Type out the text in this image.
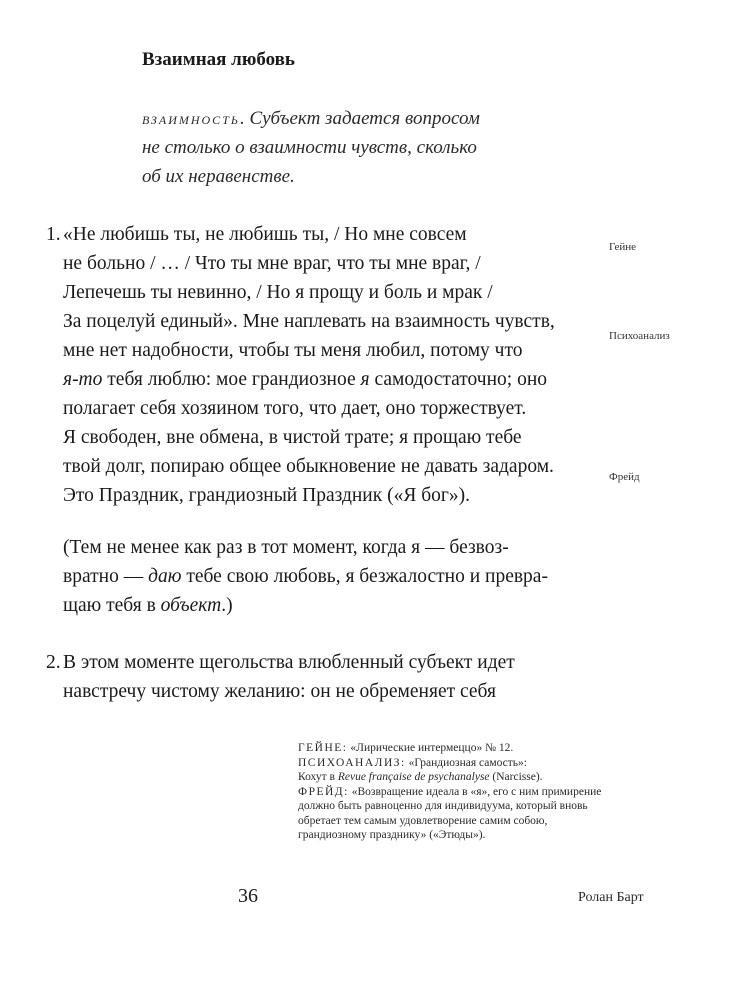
Взаимная любовь
взаимность. Субъект задается вопросом
не столько о взаимности чувств, сколько
об их неравенстве.
1. «Не любишь ты, не любишь ты, / Но мне совсем
не больно / … / Что ты мне враг, что ты мне враг, /
Лепечешь ты невинно, / Но я прощу и боль и мрак /
За поцелуй единый». Мне наплевать на взаимность чувств,
мне нет надобности, чтобы ты меня любил, потому что
я-то тебя люблю: мое грандиозное я самодостаточно; оно
полагает себя хозяином того, что дает, оно торжествует.
Я свободен, вне обмена, в чистой трате; я прощаю тебе
твой долг, попираю общее обыкновение не давать задаром.
Это Праздник, грандиозный Праздник («Я бог»).
(Тем не менее как раз в тот момент, когда я — безвоз-
вратно — даю тебе свою любовь, я безжалостно и превра-
щаю тебя в объект.)
2. В этом моменте щегольства влюбленный субъект идет
навстречу чистому желанию: он не обременяет себя
Гейне
Психоанализ
Фрейд
ГЕЙНЕ: «Лирические интермеццо» № 12.
ПСИХОАНАЛИЗ: «Грандиозная самость»:
Кохут в Revue française de psychanalyse (Narcisse).
ФРЕЙД: «Возвращение идеала в «я», его с ним примирение
должно быть равноценно для индивидуума, который вновь
обретает тем самым удовлетворение самим собою,
грандиозному празднику» («Этюды»).
36	Ролан Барт
